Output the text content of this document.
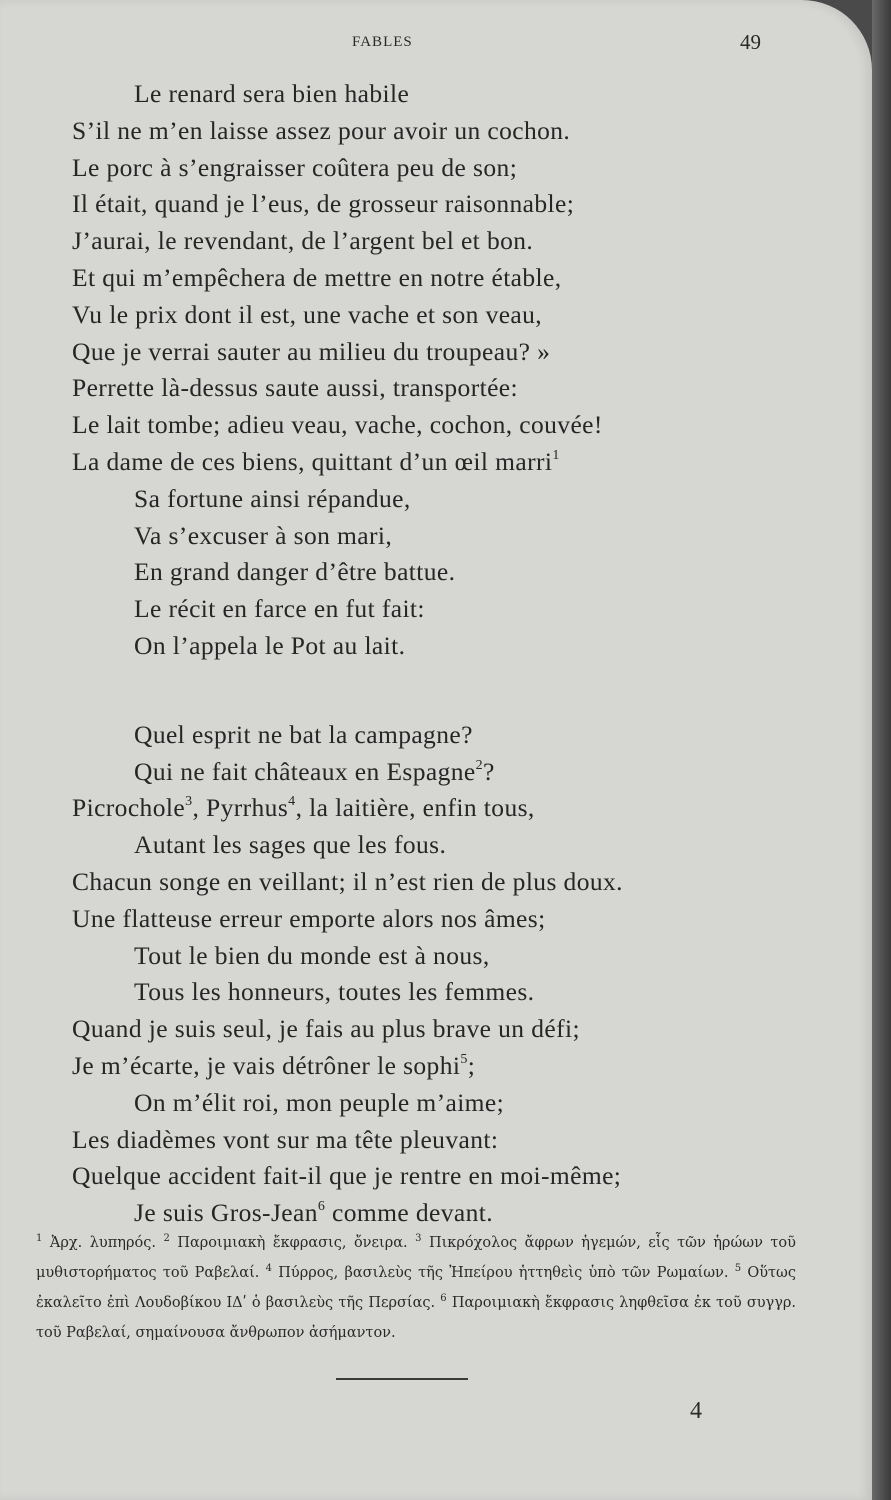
FABLES	49
Le renard sera bien habile
S’il ne m’en laisse assez pour avoir un cochon.
Le porc à s’engraisser coûtera peu de son;
Il était, quand je l’eus, de grosseur raisonnable;
J’aurai, le revendant, de l’argent bel et bon.
Et qui m’empêchera de mettre en notre étable,
Vu le prix dont il est, une vache et son veau,
Que je verrai sauter au milieu du troupeau? »
Perrette là-dessus saute aussi, transportée:
Le lait tombe; adieu veau, vache, cochon, couvée!
La dame de ces biens, quittant d’un œil marri$^1$
Sa fortune ainsi répandue,
Va s’excuser à son mari,
En grand danger d’être battue.
Le récit en farce en fut fait:
On l’appela le Pot au lait.
Quel esprit ne bat la campagne?
Qui ne fait châteaux en Espagne$^2$?
Picrochole$^3$, Pyrrhus$^4$, la laitière, enfin tous,
Autant les sages que les fous.
Chacun songe en veillant; il n’est rien de plus doux.
Une flatteuse erreur emporte alors nos âmes;
Tout le bien du monde est à nous,
Tous les honneurs, toutes les femmes.
Quand je suis seul, je fais au plus brave un défi;
Je m’écarte, je vais détrôner le sophi$^5$;
On m’élit roi, mon peuple m’aime;
Les diadèmes vont sur ma tête pleuvant:
Quelque accident fait-il que je rentre en moi-même;
Je suis Gros-Jean$^6$ comme devant.
$^1$ Ἀρχ. λυπηρός. $^2$ Παροιμιακὴ ἔκφρασις, ὄνειρα. $^3$ Πικρόχολος ἄφρων ἡγεμών, εἷς τῶν ἡρώων τοῦ μυθιστορήματος τοῦ Ραβελαί. $^4$ Πύρρος, βασιλεὺς τῆς Ἠπείρου ἡττηθεὶς ὑπὸ τῶν Ρωμαίων. $^5$ Οὕτως ἐκαλεῖτο ἐπὶ Λουδοβίκου ΙΔʹ ὁ βασιλεὺς τῆς Περσίας. $^6$ Παροιμιακὴ ἔκφρασις ληφθεῖσα ἐκ τοῦ συγγρ. τοῦ Ραβελαί, σημαίνουσα ἄνθρωπον ἀσήμαντον.
4
